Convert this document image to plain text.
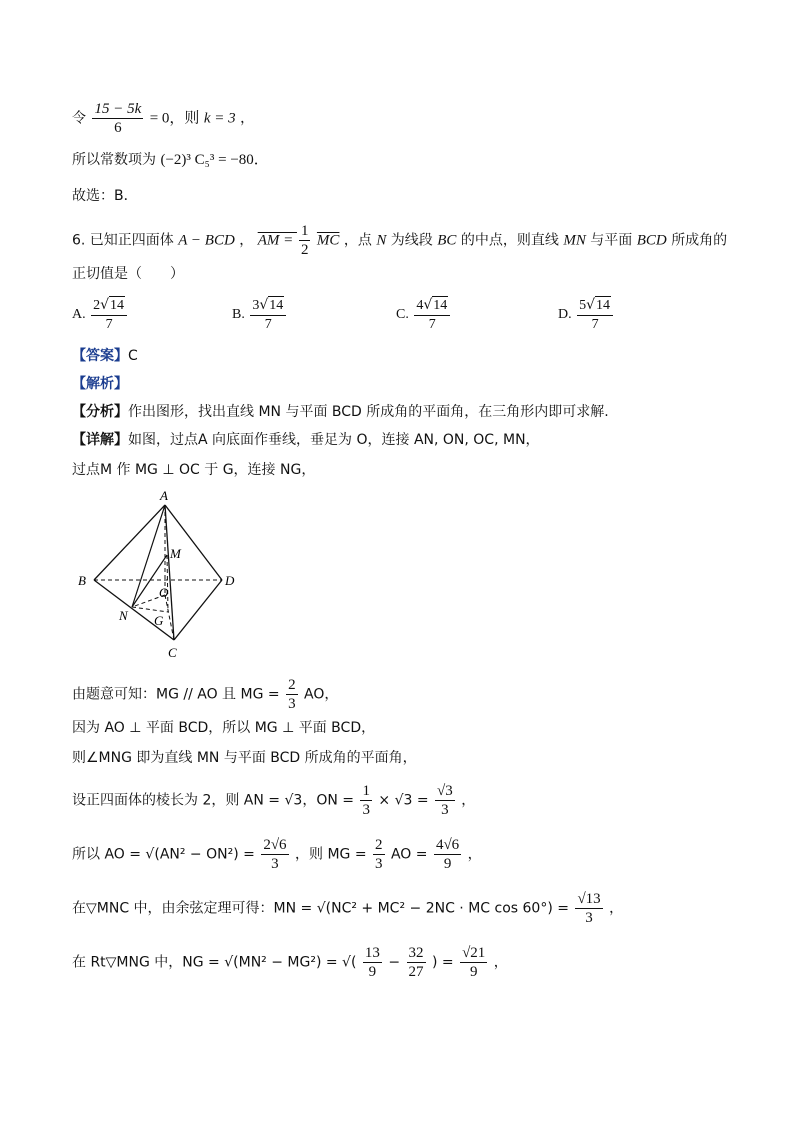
令 $\frac{15 - 5k}{6} = 0$，则 k = 3 ，
所以常数项为 (−2)³ C₅³ = −80．
故选：B．
6. 已知正四面体 A − BCD ， AM = $\frac{1}{2} \overline{MC}$ ，点 N 为线段 BC 的中点，则直线 MN 与平面 BCD 所成角的
正切值是（　　）
A. $\frac{2√14}{7}$	B. $\frac{3√14}{7}$	C. $\frac{4√14}{7}$	D. $\frac{5√14}{7}$
【答案】C
【解析】
【分析】作出图形，找出直线 MN 与平面 BCD 所成角的平面角，在三角形内即可求解.
【详解】如图，过点A 向底面作垂线，垂足为 O，连接 AN, ON, OC, MN，
过点M 作 MG ⊥ OC 于 G，连接 NG，
A
B	D
C
M
N
O
G
由题意可知：MG // AO 且 MG = $\frac{2}{3}$ AO，
因为 AO ⊥ 平面 BCD，所以 MG ⊥ 平面 BCD，
则∠MNG 即为直线 MN 与平面 BCD 所成角的平面角，
设正四面体的棱长为 2，则 AN = √3，ON = $\frac{1}{3} \times √3 = \frac{√3}{3}$ ，
所以 AO = $√(AN^2 - ON^2) = \frac{2√6}{3}$ ，则 MG = $\frac{2}{3}$ AO = $\frac{4√6}{9}$ ，
在▽MNC 中，由余弦定理可得：MN = √(NC² + MC² − 2NC · MC $\cos 60^\circ) = \frac{√13}{3}$ ，
在 Rt▽MNG 中，NG = √(MN² − MG²) = √( $\frac{13}{9} - \frac{32}{27}$ ) = $\frac{√21}{9}$ ，
